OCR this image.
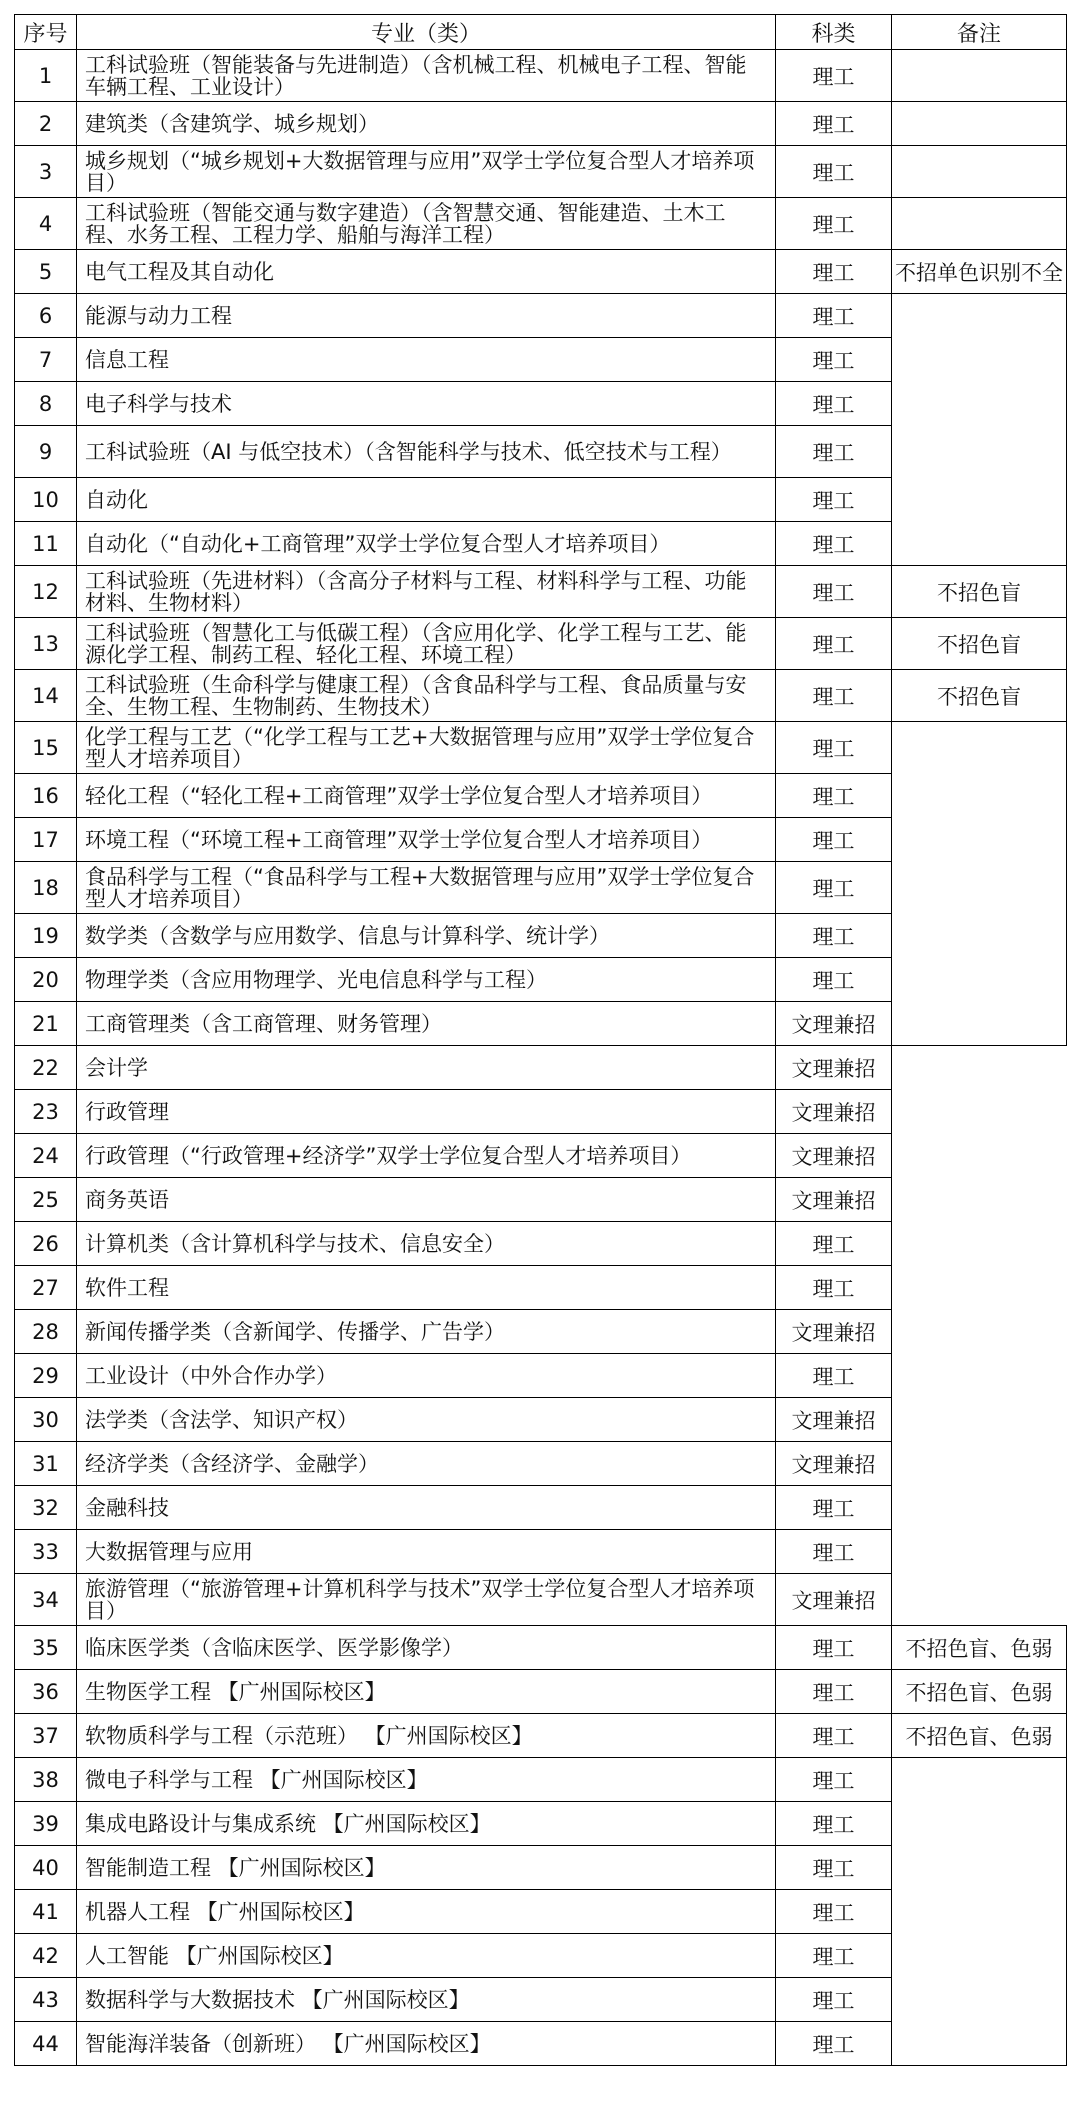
序号	专业（类）	科类	备注
1	工科试验班（智能装备与先进制造）（含机械工程、机械电子工程、智能车辆工程、工业设计）	理工	
2	建筑类（含建筑学、城乡规划）	理工	
3	城乡规划（“城乡规划+大数据管理与应用”双学士学位复合型人才培养项目）	理工	
4	工科试验班（智能交通与数字建造）（含智慧交通、智能建造、土木工程、水务工程、工程力学、船舶与海洋工程）	理工	
5	电气工程及其自动化	理工	不招单色识别不全
6	能源与动力工程	理工	
7	信息工程	理工	
8	电子科学与技术	理工	
9	工科试验班（AI 与低空技术）（含智能科学与技术、低空技术与工程）	理工	
10	自动化	理工	
11	自动化（“自动化+工商管理”双学士学位复合型人才培养项目）	理工	
12	工科试验班（先进材料）（含高分子材料与工程、材料科学与工程、功能材料、生物材料）	理工	不招色盲
13	工科试验班（智慧化工与低碳工程）（含应用化学、化学工程与工艺、能源化学工程、制药工程、轻化工程、环境工程）	理工	不招色盲
14	工科试验班（生命科学与健康工程）（含食品科学与工程、食品质量与安全、生物工程、生物制药、生物技术）	理工	不招色盲
15	化学工程与工艺（“化学工程与工艺+大数据管理与应用”双学士学位复合型人才培养项目）	理工	
16	轻化工程（“轻化工程+工商管理”双学士学位复合型人才培养项目）	理工	
17	环境工程（“环境工程+工商管理”双学士学位复合型人才培养项目）	理工	
18	食品科学与工程（“食品科学与工程+大数据管理与应用”双学士学位复合型人才培养项目）	理工	
19	数学类（含数学与应用数学、信息与计算科学、统计学）	理工	
20	物理学类（含应用物理学、光电信息科学与工程）	理工	
21	工商管理类（含工商管理、财务管理）	文理兼招	
22	会计学	文理兼招	
23	行政管理	文理兼招	
24	行政管理（“行政管理+经济学”双学士学位复合型人才培养项目）	文理兼招	
25	商务英语	文理兼招	
26	计算机类（含计算机科学与技术、信息安全）	理工	
27	软件工程	理工	
28	新闻传播学类（含新闻学、传播学、广告学）	文理兼招	
29	工业设计（中外合作办学）	理工	
30	法学类（含法学、知识产权）	文理兼招	
31	经济学类（含经济学、金融学）	文理兼招	
32	金融科技	理工	
33	大数据管理与应用	理工	
34	旅游管理（“旅游管理+计算机科学与技术”双学士学位复合型人才培养项目）	文理兼招	
35	临床医学类（含临床医学、医学影像学）	理工	不招色盲、色弱
36	生物医学工程 【广州国际校区】	理工	不招色盲、色弱
37	软物质科学与工程（示范班） 【广州国际校区】	理工	不招色盲、色弱
38	微电子科学与工程 【广州国际校区】	理工	
39	集成电路设计与集成系统 【广州国际校区】	理工	
40	智能制造工程 【广州国际校区】	理工	
41	机器人工程 【广州国际校区】	理工	
42	人工智能 【广州国际校区】	理工	
43	数据科学与大数据技术 【广州国际校区】	理工	
44	智能海洋装备（创新班） 【广州国际校区】	理工	
